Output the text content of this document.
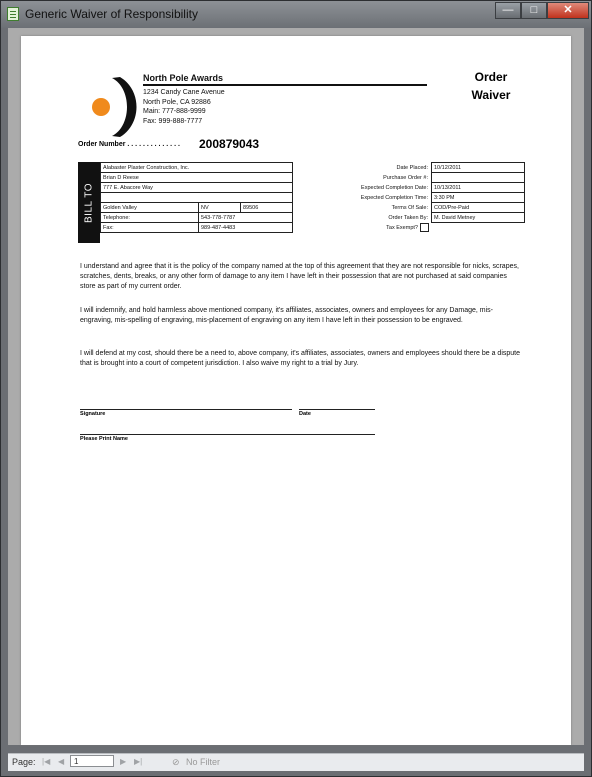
Generic Waiver of Responsibility	—	□	✕
North Pole Awards
1234 Candy Cane Avenue
North Pole, CA 92886
Main: 777-888-9999
Fax: 999-888-7777
Order
Waiver
Order Number . . . . . . . . . . . . . . 200879043
BILL TO
Alabaster Plaster Construction, Inc.		
Brian D Reese		
777 E. Abacore Way		

Golden Valley	NV	89506
Telephone:	543-778-7787	
Fax:	989-487-4483	
Date Placed:	10/12/2011
Purchase Order #:	
Expected Completion Date:	10/13/2011
Expected Completion Time:	3:30 PM
Terms Of Sale:	COD/Pre-Paid
Order Taken By:	M. David Metney
Tax Exempt?	
I understand and agree that it is the policy of the company named at the top of this agreement that they are not responsible for nicks, scrapes, scratches, dents, breaks, or any other form of damage to any item I have left in their possession that are not purchased at said companies store as part of my current order.
I will indemnify, and hold harmless above mentioned company, it's affiliates, associates, owners and employees for any Damage, mis-engraving, mis-spelling of engraving, mis-placement of engraving on any item I have left in their possession to be engraved.
I will defend at my cost, should there be a need to, above company, it's affiliates, associates, owners and employees should there be a dispute that is brought into a court of competent jurisdiction. I also waive my right to a trial by Jury.
Signature	Date
Please Print Name
Page: |◀ ◀	1	▶ ▶|	⊘ No Filter
